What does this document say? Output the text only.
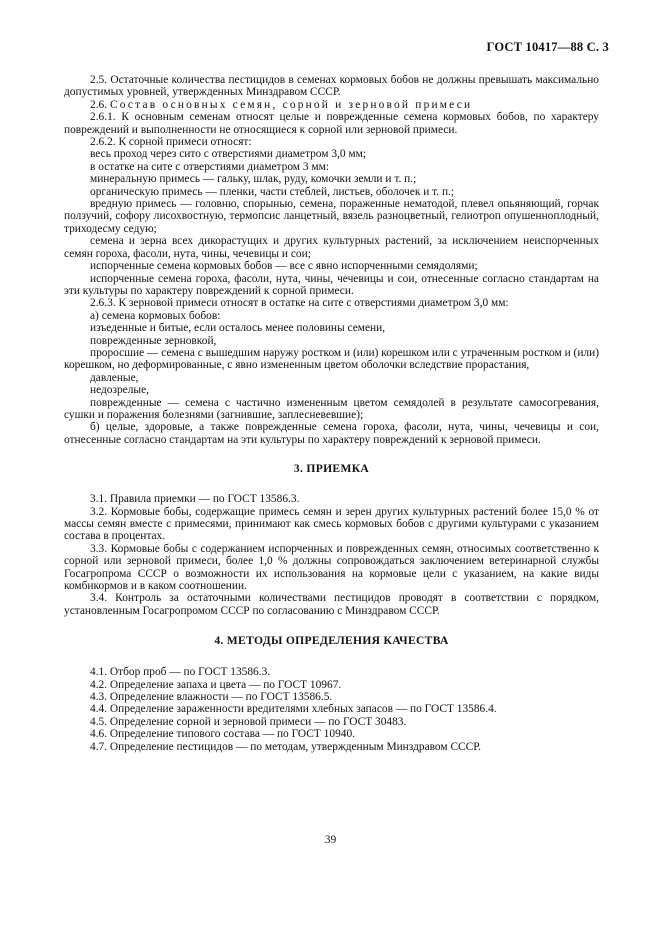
ГОСТ 10417—88 С. 3

2.5. Остаточные количества пестицидов в семенах кормовых бобов не должны превышать максимально допустимых уровней, утвержденных Минздравом СССР.

2.6. Состав основных семян, сорной и зерновой примеси

2.6.1. К основным семенам относят целые и поврежденные семена кормовых бобов, по характеру повреждений и выполненности не относящиеся к сорной или зерновой примеси.

2.6.2. К сорной примеси относят:

весь проход через сито с отверстиями диаметром 3,0 мм;

в остатке на сите с отверстиями диаметром 3 мм:

минеральную примесь — гальку, шлак, руду, комочки земли и т. п.;

органическую примесь — пленки, части стеблей, листьев, оболочек и т. п.;

вредную примесь — головню, спорынью, семена, пораженные нематодой, плевел опьяняющий, горчак ползучий, софору лисохвостную, термопсис ланцетный, вязель разноцветный, гелиотроп опушенноплодный, триходесму седую;

семена и зерна всех дикорастущих и других культурных растений, за исключением неиспорченных семян гороха, фасоли, нута, чины, чечевицы и сои;

испорченные семена кормовых бобов — все с явно испорченными семядолями;

испорченные семена гороха, фасоли, нута, чины, чечевицы и сои, отнесенные согласно стандартам на эти культуры по характеру повреждений к сорной примеси.

2.6.3. К зерновой примеси относят в остатке на сите с отверстиями диаметром 3,0 мм:

а) семена кормовых бобов:

изъеденные и битые, если осталось менее половины семени,

поврежденные зерновкой,

проросшие — семена с вышедшим наружу ростком и (или) корешком или с утраченным ростком и (или) корешком, но деформированные, с явно измененным цветом оболочки вследствие прорастания,

давленые,

недозрелые,

поврежденные — семена с частично измененным цветом семядолей в результате самосогревания, сушки и поражения болезнями (загнившие, заплесневевшие);

б) целые, здоровые, а также поврежденные семена гороха, фасоли, нута, чины, чечевицы и сои, отнесенные согласно стандартам на эти культуры по характеру повреждений к зерновой примеси.

3. ПРИЕМКА

3.1. Правила приемки — по ГОСТ 13586.3.

3.2. Кормовые бобы, содержащие примесь семян и зерен других культурных растений более 15,0 % от массы семян вместе с примесями, принимают как смесь кормовых бобов с другими культурами с указанием состава в процентах.

3.3. Кормовые бобы с содержанием испорченных и поврежденных семян, относимых соответственно к сорной или зерновой примеси, более 1,0 % должны сопровождаться заключением ветеринарной службы Госагропрома СССР о возможности их использования на кормовые цели с указанием, на какие виды комбикормов и в каком соотношении.

3.4. Контроль за остаточными количествами пестицидов проводят в соответствии с порядком, установленным Госагропромом СССР по согласованию с Минздравом СССР.

4. МЕТОДЫ ОПРЕДЕЛЕНИЯ КАЧЕСТВА

4.1. Отбор проб — по ГОСТ 13586.3.

4.2. Определение запаха и цвета — по ГОСТ 10967.

4.3. Определение влажности — по ГОСТ 13586.5.

4.4. Определение зараженности вредителями хлебных запасов — по ГОСТ 13586.4.

4.5. Определение сорной и зерновой примеси — по ГОСТ 30483.

4.6. Определение типового состава — по ГОСТ 10940.

4.7. Определение пестицидов — по методам, утвержденным Минздравом СССР.

39
